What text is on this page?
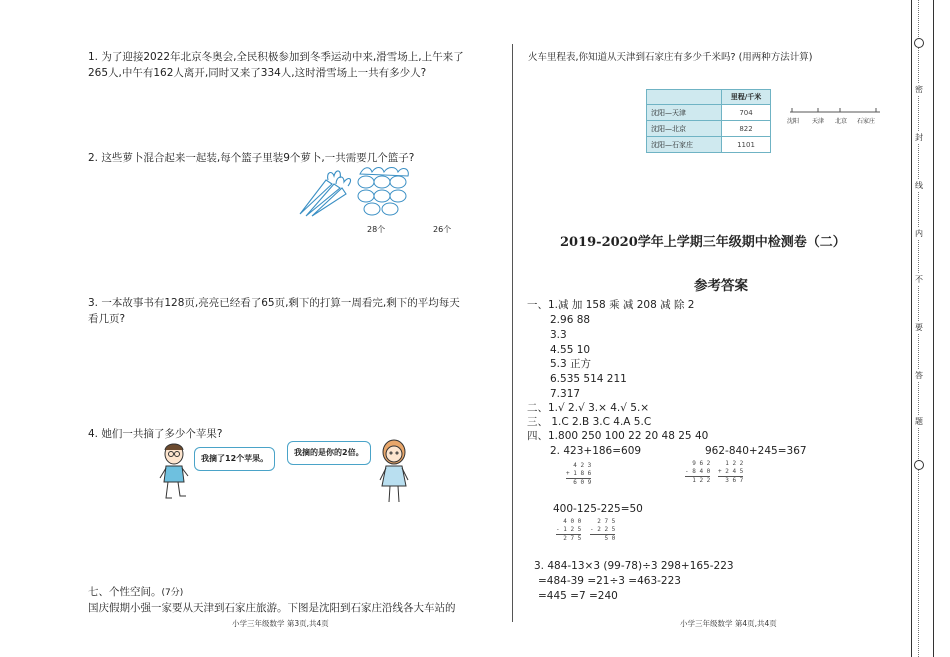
1. 为了迎接2022年北京冬奥会,全民积极参加到冬季运动中来,滑雪场上,上午来了
265人,中午有162人离开,同时又来了334人,这时滑雪场上一共有多少人?
2. 这些萝卜混合起来一起装,每个篮子里装9个萝卜,一共需要几个篮子?
28个	26个
3. 一本故事书有128页,亮亮已经看了65页,剩下的打算一周看完,剩下的平均每天
看几页?
4. 她们一共摘了多少个苹果?
我摘了12个苹果。
我摘的是你的2倍。
七、个性空间。(7分)
国庆假期小强一家要从天津到石家庄旅游。下图是沈阳到石家庄沿线各大车站的
小学三年级数学 第3页,共4页
火车里程表,你知道从天津到石家庄有多少千米吗? (用两种方法计算)
	里程/千米
沈阳—天津	704
沈阳—北京	822
沈阳—石家庄	1101
沈阳 天津 北京 石家庄
2019-2020学年上学期三年级期中检测卷（二）
参考答案
一、1.减 加 158 乘 减 208 减 除 2
2.96 88
3.3
4.55 10
5.3 正方
6.535 514 211
7.317
二、1.√ 2.√ 3.× 4.√ 5.×
三、 1.C 2.B 3.C 4.A 5.C
四、1.800 250 100 22 20 48 25 40
2. 423+186=609	962-840+245=367
4 2 3
+ 1 8 6
6 0 9
9 6 2
- 8 4 0
1 2 2
1 2 2
+ 2 4 5
3 6 7
400-125-225=50
4 0 0
- 1 2 5
2 7 5
2 7 5
- 2 2 5
5 0
3. 484-13×3 (99-78)÷3 298+165-223
=484-39 =21÷3 =463-223
=445 =7 =240
小学三年级数学 第4页,共4页
密
封
线
内
不
要
答
题
